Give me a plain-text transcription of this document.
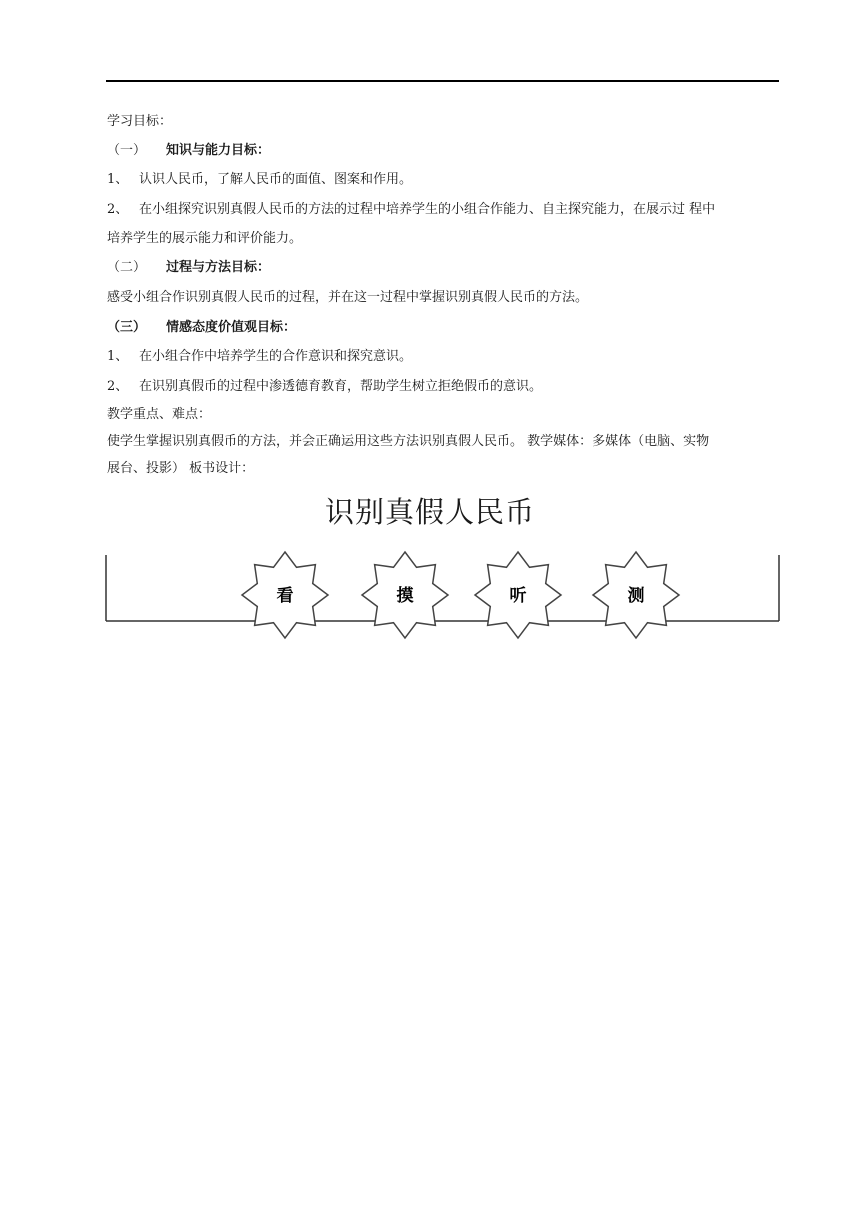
学习目标：
（一） 知识与能力目标：
1、 认识人民币，了解人民币的面值、图案和作用。
2、 在小组探究识别真假人民币的方法的过程中培养学生的小组合作能力、自主探究能力，在展示过 程中
培养学生的展示能力和评价能力。
（二） 过程与方法目标：
感受小组合作识别真假人民币的过程，并在这一过程中掌握识别真假人民币的方法。
（三） 情感态度价值观目标：
1、 在小组合作中培养学生的合作意识和探究意识。
2、 在识别真假币的过程中渗透德育教育，帮助学生树立拒绝假币的意识。
教学重点、难点：
使学生掌握识别真假币的方法，并会正确运用这些方法识别真假人民币。 教学媒体：多媒体（电脑、实物
展台、投影） 板书设计：
识别真假人民币
看	摸	听	测
